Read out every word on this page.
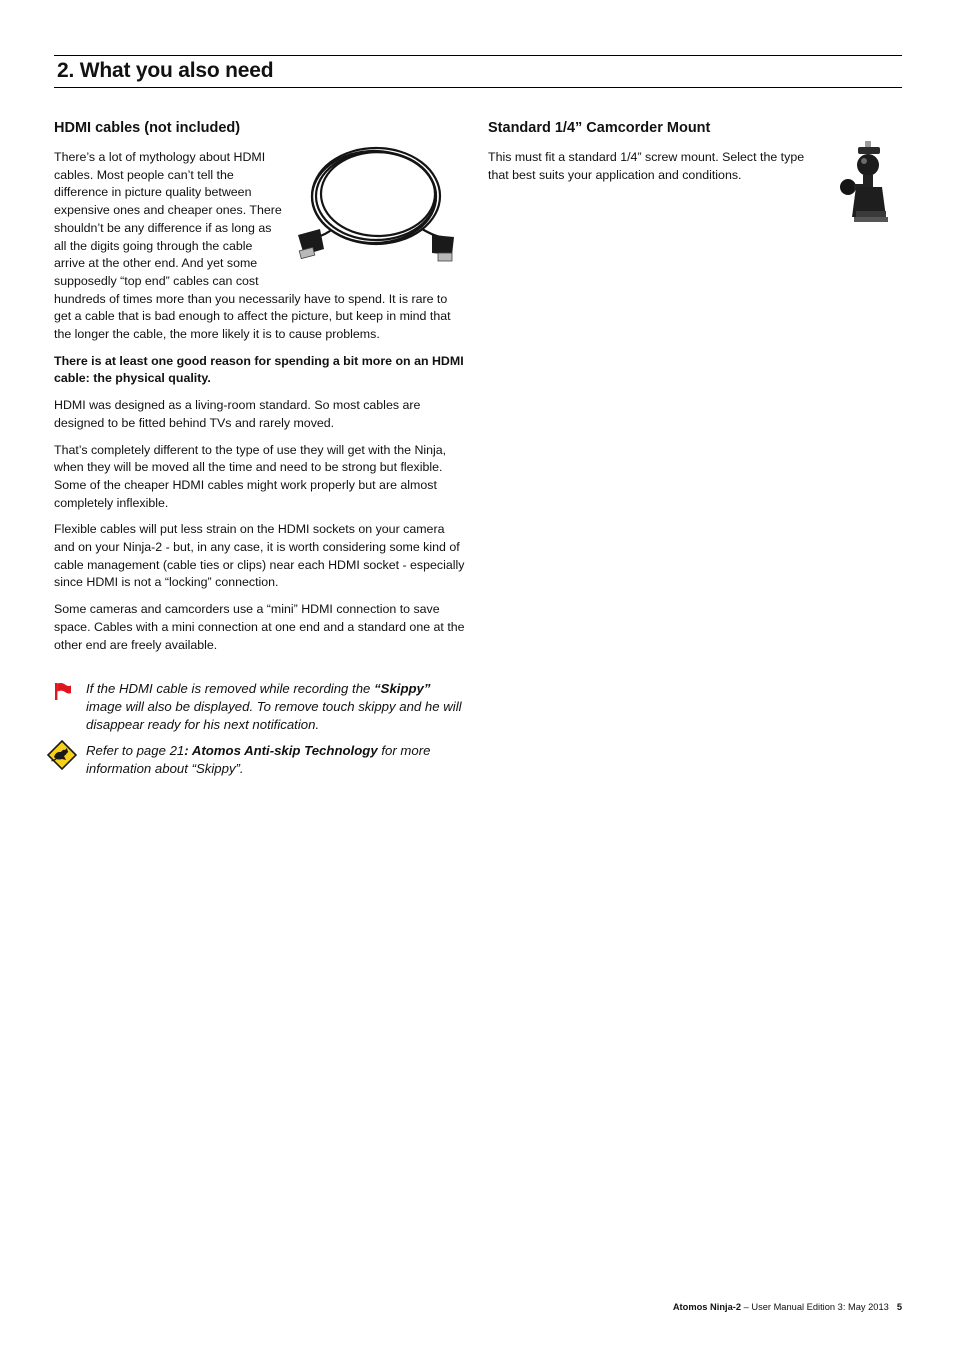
2. What you also need
HDMI cables (not included)

There’s a lot of mythology about HDMI cables. Most people can’t tell the difference in picture quality between expensive ones and cheaper ones. There shouldn’t be any difference if as long as all the digits going through the cable arrive at the other end. And yet some supposedly “top end” cables can cost hundreds of times more than you necessarily have to spend. It is rare to get a cable that is bad enough to affect the picture, but keep in mind that the longer the cable, the more likely it is to cause problems.

There is at least one good reason for spending a bit more on an HDMI cable: the physical quality.

HDMI was designed as a living-room standard. So most cables are designed to be fitted behind TVs and rarely moved.

That’s completely different to the type of use they will get with the Ninja, when they will be moved all the time and need to be strong but flexible. Some of the cheaper HDMI cables might work properly but are almost completely inflexible.

Flexible cables will put less strain on the HDMI sockets on your camera and on your Ninja-2 - but, in any case, it is worth considering some kind of cable management (cable ties or clips) near each HDMI socket - especially since HDMI is not a “locking” connection.

Some cameras and camcorders use a “mini” HDMI connection to save space. Cables with a mini connection at one end and a standard one at the other end are freely available.

If the HDMI cable is removed while recording the “Skippy” image will also be displayed. To remove touch skippy and he will disappear ready for his next notification.

Refer to page 21: Atomos Anti-skip Technology for more information about “Skippy”.

Standard 1/4” Camcorder Mount

This must fit a standard 1/4” screw mount. Select the type that best suits your application and conditions.

Atomos Ninja-2 – User Manual Edition 3: May 2013 5
